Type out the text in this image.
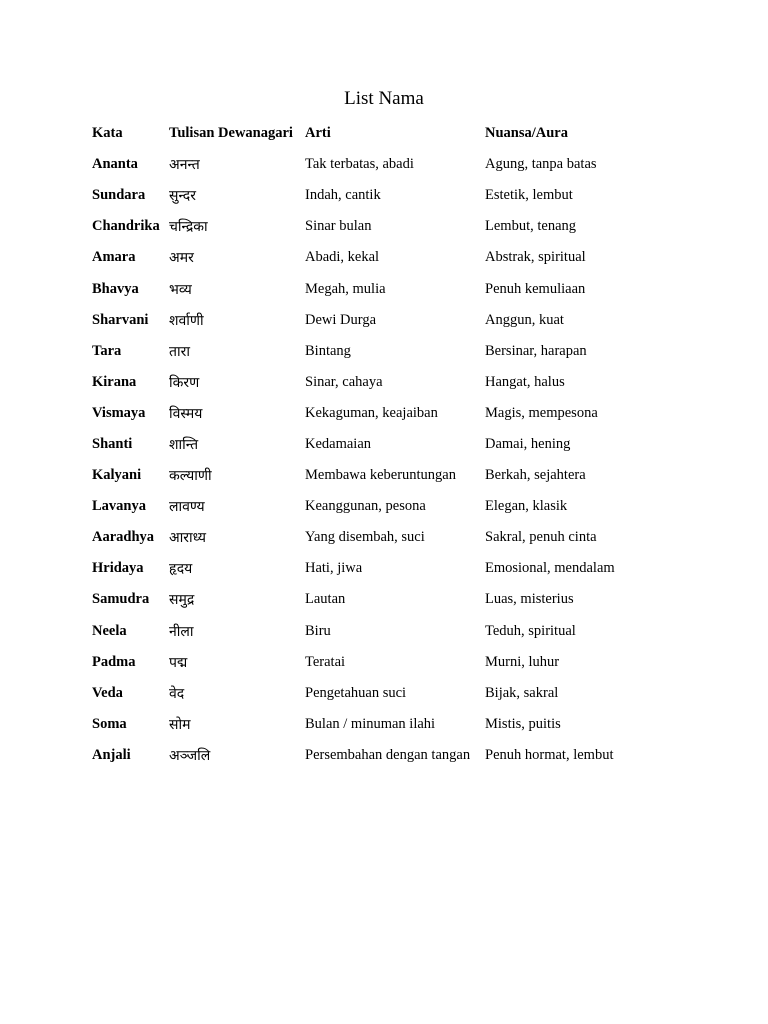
List Nama
Kata	Tulisan Dewanagari	Arti	Nuansa/Aura
Ananta	अनन्त	Tak terbatas, abadi	Agung, tanpa batas
Sundara	सुन्दर	Indah, cantik	Estetik, lembut
Chandrika	चन्द्रिका	Sinar bulan	Lembut, tenang
Amara	अमर	Abadi, kekal	Abstrak, spiritual
Bhavya	भव्य	Megah, mulia	Penuh kemuliaan
Sharvani	शर्वाणी	Dewi Durga	Anggun, kuat
Tara	तारा	Bintang	Bersinar, harapan
Kirana	किरण	Sinar, cahaya	Hangat, halus
Vismaya	विस्मय	Kekaguman, keajaiban	Magis, mempesona
Shanti	शान्ति	Kedamaian	Damai, hening
Kalyani	कल्याणी	Membawa keberuntungan	Berkah, sejahtera
Lavanya	लावण्य	Keanggunan, pesona	Elegan, klasik
Aaradhya	आराध्य	Yang disembah, suci	Sakral, penuh cinta
Hridaya	हृदय	Hati, jiwa	Emosional, mendalam
Samudra	समुद्र	Lautan	Luas, misterius
Neela	नीला	Biru	Teduh, spiritual
Padma	पद्म	Teratai	Murni, luhur
Veda	वेद	Pengetahuan suci	Bijak, sakral
Soma	सोम	Bulan / minuman ilahi	Mistis, puitis
Anjali	अञ्जलि	Persembahan dengan tangan	Penuh hormat, lembut
